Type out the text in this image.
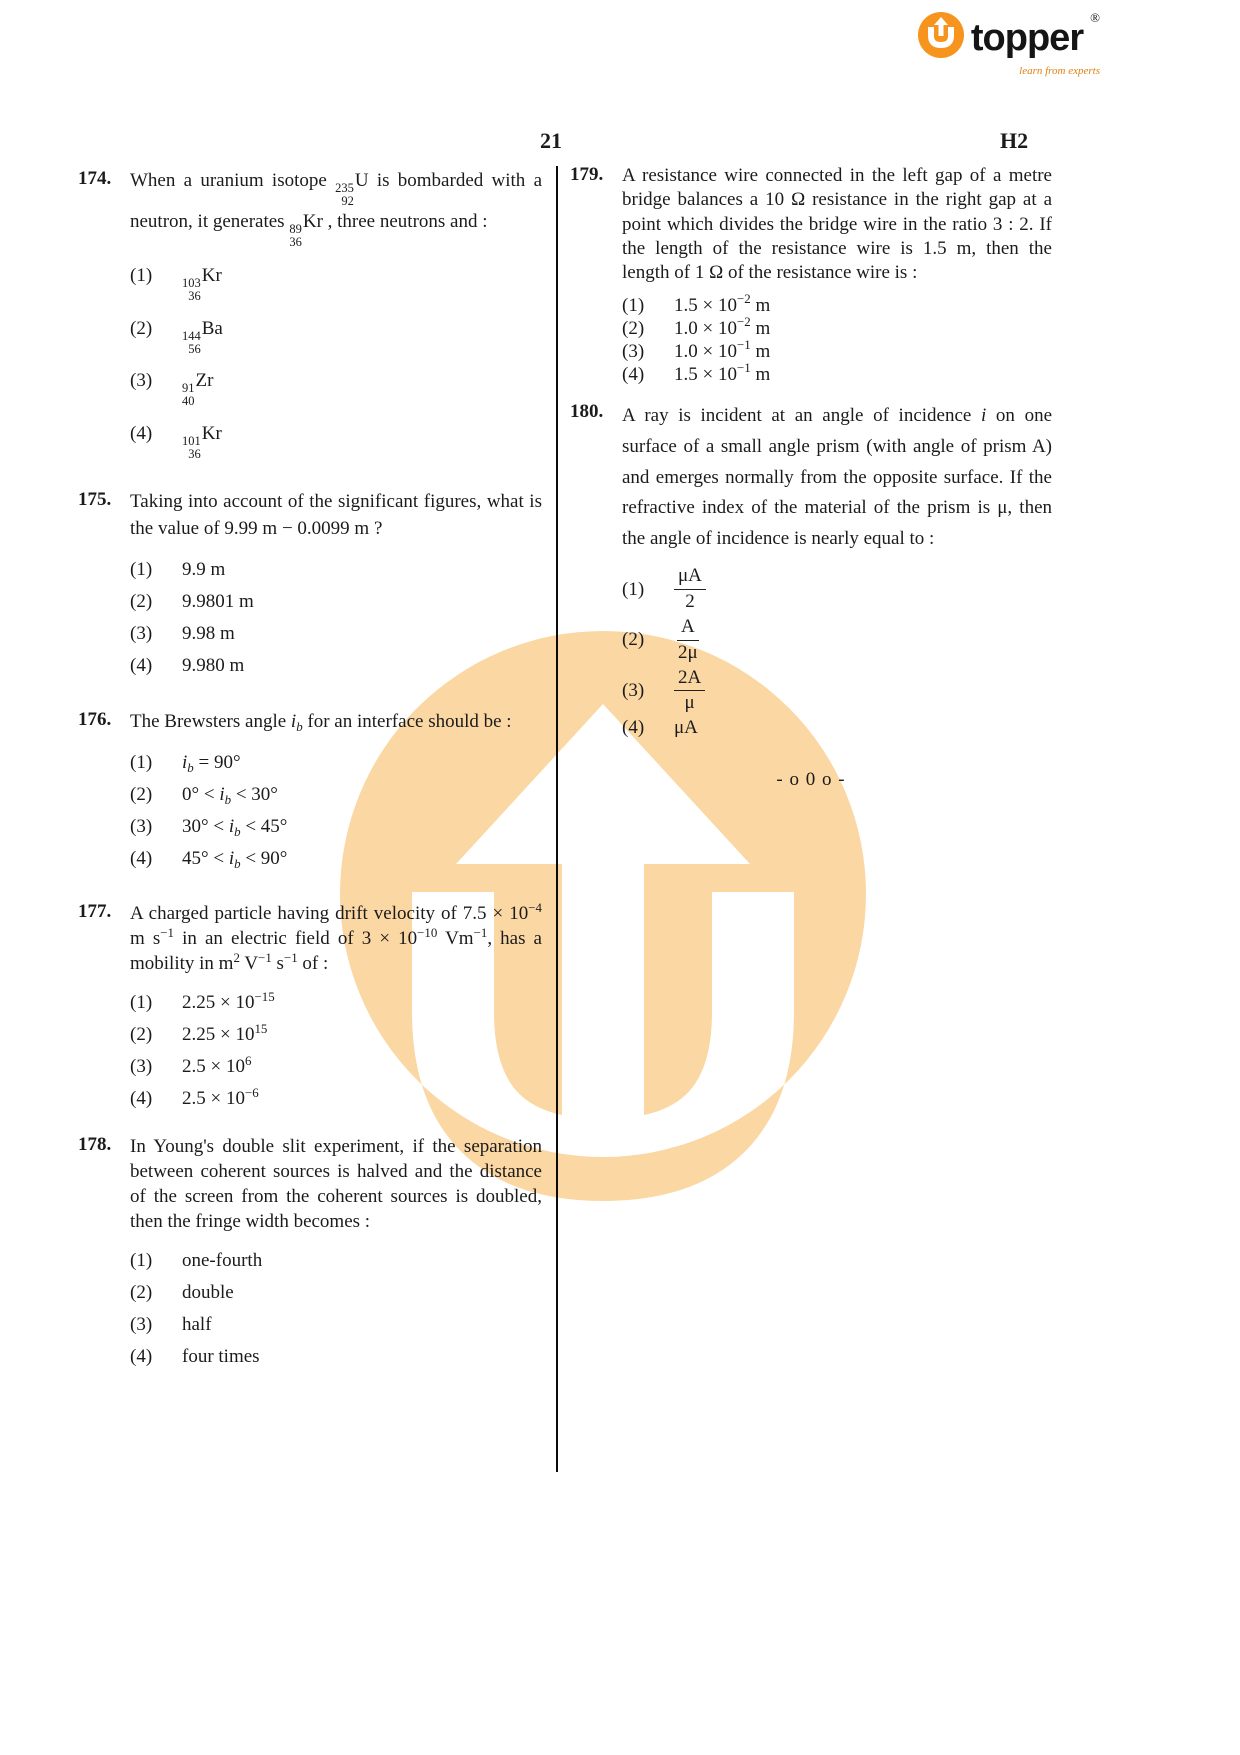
topper ®
learn from experts
21	H2
174. When a uranium isotope 235
92
U is bombarded with a neutron, it generates 89
36
Kr , three neutrons and :

(1)	103
36
Kr
(2)	144
56
Ba
(3)	91
40
Zr
(4)	101
36
Kr
175. Taking into account of the significant figures, what is the value of 9.99 m − 0.0099 m ?

(1)	9.9 m
(2)	9.9801 m
(3)	9.98 m
(4)	9.980 m
176. The Brewsters angle $i_b$ for an interface should be :

(1)	$i_b = 90^\circ$
(2)	$0^\circ < i_b < 30^\circ$
(3)	$30^\circ < i_b < 45^\circ$
(4)	$45^\circ < i_b < 90^\circ$
177. A charged particle having drift velocity of $7.5 \times 10^{-4}$ m $s^{-1}$ in an electric field of $3 \times 10^{-10}$ $Vm^{-1}$, has a mobility in $m^2$ $V^{-1}$ $s^{-1}$ of :

(1)	$2.25 \times 10^{-15}$
(2)	$2.25 \times 10^{15}$
(3)	$2.5 \times 10^6$
(4)	$2.5 \times 10^{-6}$
178. In Young's double slit experiment, if the separation between coherent sources is halved and the distance of the screen from the coherent sources is doubled, then the fringe width becomes :

(1)	one-fourth
(2)	double
(3)	half
(4)	four times
179. A resistance wire connected in the left gap of a metre bridge balances a 10 Ω resistance in the right gap at a point which divides the bridge wire in the ratio 3 : 2. If the length of the resistance wire is 1.5 m, then the length of 1 Ω of the resistance wire is :

(1)	$1.5 \times 10^{-2}$ m
(2)	$1.0 \times 10^{-2}$ m
(3)	$1.0 \times 10^{-1}$ m
(4)	$1.5 \times 10^{-1}$ m
180. A ray is incident at an angle of incidence i on one surface of a small angle prism (with angle of prism A) and emerges normally from the opposite surface. If the refractive index of the material of the prism is μ, then the angle of incidence is nearly equal to :

(1)	$\frac{\mu A}{2}$
(2)	$\frac{A}{2\mu}$
(3)	$\frac{2A}{\mu}$
(4)	μA
- o 0 o -
